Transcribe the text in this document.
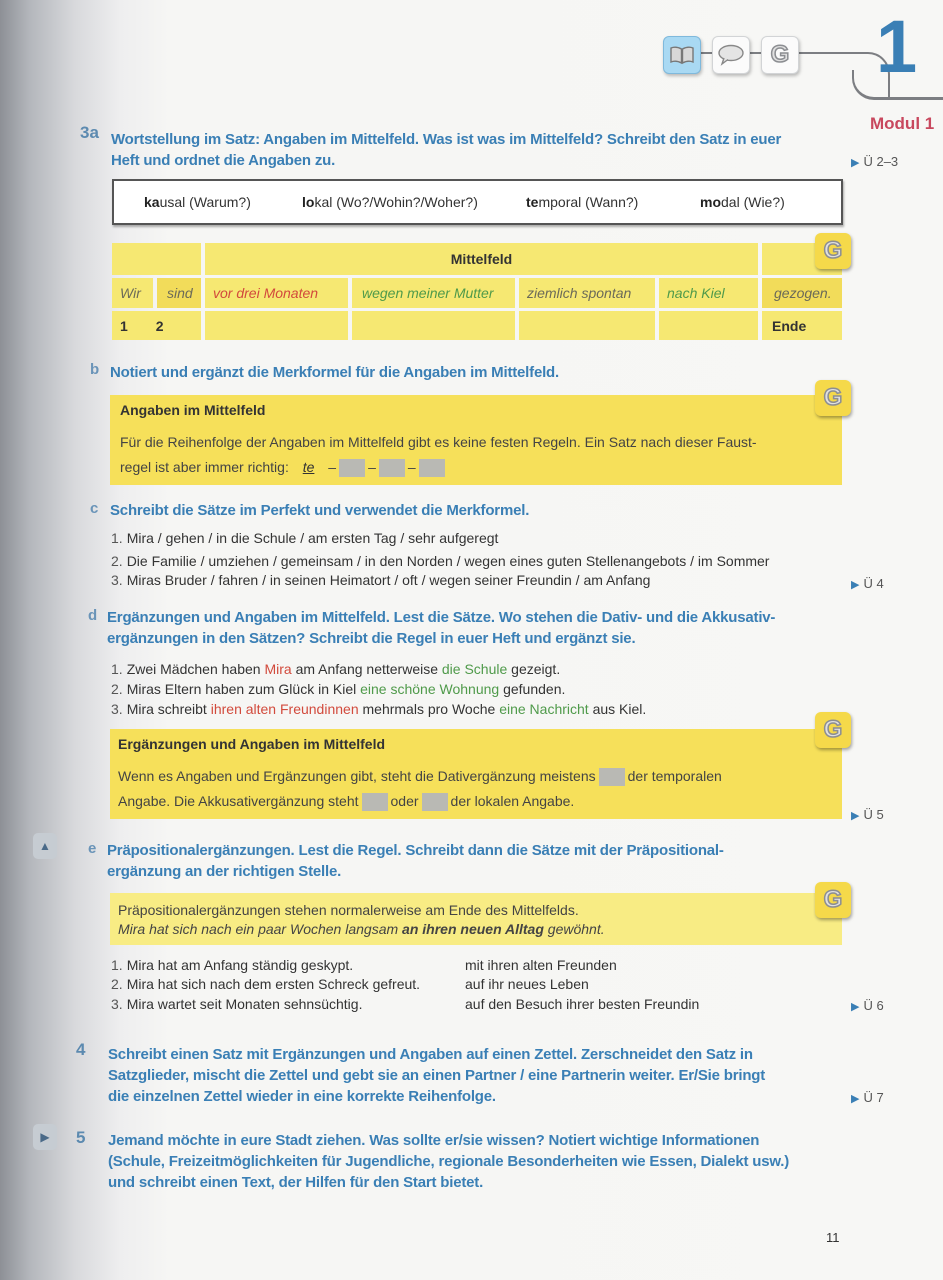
G 1
Modul 1
▶ Ü 2–3
▶ Ü 4
▶ Ü 5
▶ Ü 6
▶ Ü 7
3a Wortstellung im Satz: Angaben im Mittelfeld. Was ist was im Mittelfeld? Schreibt den Satz in euer
Heft und ordnet die Angaben zu.
kausal (Warum?)	lokal (Wo?/Wohin?/Woher?)	temporal (Wann?)	modal (Wie?)
Mittelfeld
Wir	sind	vor drei Monaten	wegen meiner Mutter	ziemlich spontan	nach Kiel	gezogen.
1 2	Ende
G
b Notiert und ergänzt die Merkformel für die Angaben im Mittelfeld.
Angaben im Mittelfeld

Für die Reihenfolge der Angaben im Mittelfeld gibt es keine festen Regeln. Ein Satz nach dieser Faust-

regel ist aber immer richtig: te – – –

G
c Schreibt die Sätze im Perfekt und verwendet die Merkformel.
1. Mira / gehen / in die Schule / am ersten Tag / sehr aufgeregt
2. Die Familie / umziehen / gemeinsam / in den Norden / wegen eines guten Stellenangebots / im Sommer
3. Miras Bruder / fahren / in seinen Heimatort / oft / wegen seiner Freundin / am Anfang
d Ergänzungen und Angaben im Mittelfeld. Lest die Sätze. Wo stehen die Dativ- und die Akkusativ-
ergänzungen in den Sätzen? Schreibt die Regel in euer Heft und ergänzt sie.
1. Zwei Mädchen haben Mira am Anfang netterweise die Schule gezeigt.
2. Miras Eltern haben zum Glück in Kiel eine schöne Wohnung gefunden.
3. Mira schreibt ihren alten Freundinnen mehrmals pro Woche eine Nachricht aus Kiel.
Ergänzungen und Angaben im Mittelfeld

Wenn es Angaben und Ergänzungen gibt, steht die Dativergänzung meistens der temporalen

Angabe. Die Akkusativergänzung steht oder der lokalen Angabe.

G
▲	e Präpositionalergänzungen. Lest die Regel. Schreibt dann die Sätze mit der Präpositional-
ergänzung an der richtigen Stelle.

Präpositionalergänzungen stehen normalerweise am Ende des Mittelfelds.

Mira hat sich nach ein paar Wochen langsam an ihren neuen Alltag gewöhnt.

G
1. Mira hat am Anfang ständig geskypt.	mit ihren alten Freunden
2. Mira hat sich nach dem ersten Schreck gefreut.	auf ihr neues Leben
3. Mira wartet seit Monaten sehnsüchtig.	auf den Besuch ihrer besten Freundin
4 Schreibt einen Satz mit Ergänzungen und Angaben auf einen Zettel. Zerschneidet den Satz in
Satzglieder, mischt die Zettel und gebt sie an einen Partner / eine Partnerin weiter. Er/Sie bringt
die einzelnen Zettel wieder in eine korrekte Reihenfolge.
▶	5 Jemand möchte in eure Stadt ziehen. Was sollte er/sie wissen? Notiert wichtige Informationen
(Schule, Freizeitmöglichkeiten für Jugendliche, regionale Besonderheiten wie Essen, Dialekt usw.)
und schreibt einen Text, der Hilfen für den Start bietet.
11
